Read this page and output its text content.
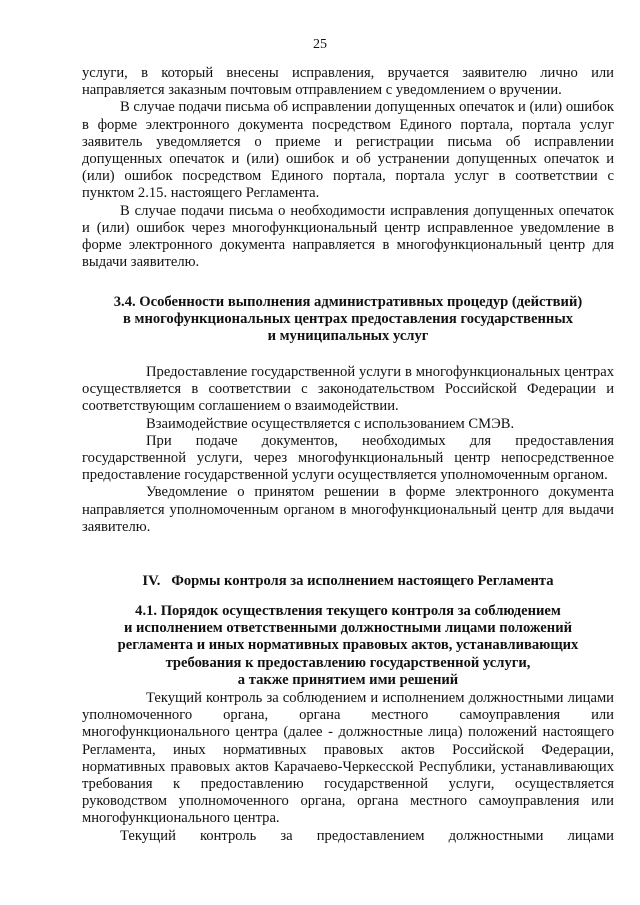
25

услуги, в который внесены исправления, вручается заявителю лично или направляется заказным почтовым отправлением с уведомлением о вручении.

В случае подачи письма об исправлении допущенных опечаток и (или) ошибок в форме электронного документа посредством Единого портала, портала услуг заявитель уведомляется о приеме и регистрации письма об исправлении допущенных опечаток и (или) ошибок и об устранении допущенных опечаток и (или) ошибок посредством Единого портала, портала услуг в соответствии с пунктом 2.15. настоящего Регламента.

В случае подачи письма о необходимости исправления допущенных опечаток и (или) ошибок через многофункциональный центр исправленное уведомление в форме электронного документа направляется в многофункциональный центр для выдачи заявителю.

3.4. Особенности выполнения административных процедур (действий)
в многофункциональных центрах предоставления государственных
и муниципальных услуг

Предоставление государственной услуги в многофункциональных центрах осуществляется в соответствии с законодательством Российской Федерации и соответствующим соглашением о взаимодействии.

Взаимодействие осуществляется с использованием СМЭВ.

При подаче документов, необходимых для предоставления государственной услуги, через многофункциональный центр непосредственное предоставление государственной услуги осуществляется уполномоченным органом.

Уведомление о принятом решении в форме электронного документа направляется уполномоченным органом в многофункциональный центр для выдачи заявителю.

IV.   Формы контроля за исполнением настоящего Регламента
4.1. Порядок осуществления текущего контроля за соблюдением
и исполнением ответственными должностными лицами положений
регламента и иных нормативных правовых актов, устанавливающих
требования к предоставлению государственной услуги,
а также принятием ими решений

Текущий контроль за соблюдением и исполнением должностными лицами уполномоченного органа, органа местного самоуправления или многофункционального центра (далее - должностные лица) положений настоящего Регламента, иных нормативных правовых актов Российской Федерации, нормативных правовых актов Карачаево-Черкесской Республики, устанавливающих требования к предоставлению государственной услуги, осуществляется руководством уполномоченного органа, органа местного самоуправления или многофункционального центра.

Текущий контроль за предоставлением должностными лицами
